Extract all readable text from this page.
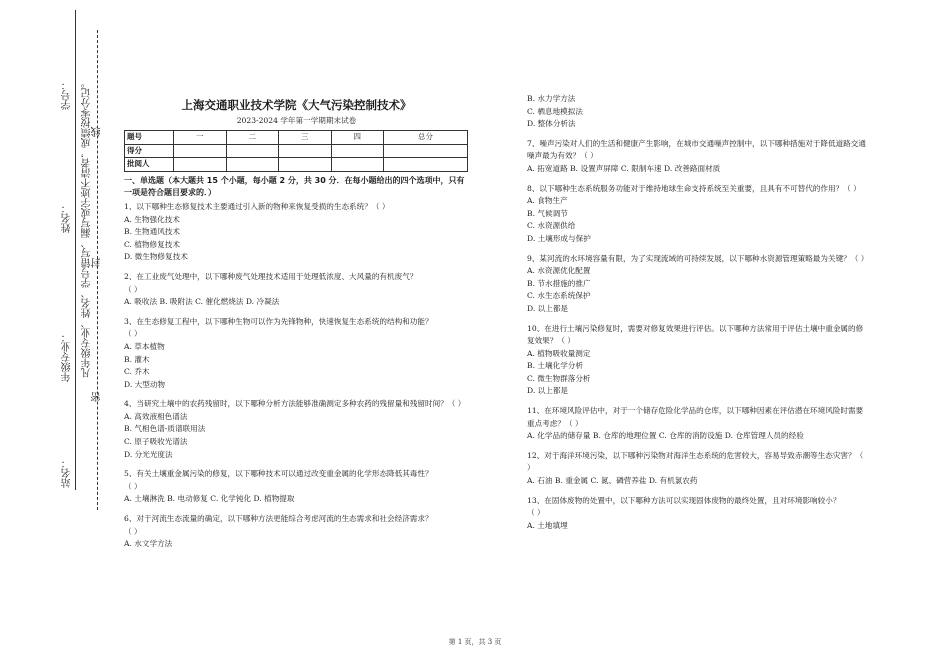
学号：
姓名：
年级专业：
站名：
凡年级专业、姓名、学号错写、漏写或字迹不清者，成绩按零分记。
密
封
线
上海交通职业技术学院《大气污染控制技术》
2023-2024 学年第一学期期末试卷
题号	一	二	三	四	总分
得分					
批阅人					
一、单选题（本大题共 15 个小题，每小题 2 分，共 30 分．在每小题给出的四个选项中，只有一项是符合题目要求的．）
1、以下哪种生态修复技术主要通过引入新的物种来恢复受损的生态系统？（ ）
A. 生物强化技术
B. 生物通风技术
C. 植物修复技术
D. 微生物修复技术
2、在工业废气处理中，以下哪种废气处理技术适用于处理低浓度、大风量的有机废气？
（ ）
A. 吸收法 B. 吸附法 C. 催化燃烧法 D. 冷凝法
3、在生态修复工程中，以下哪种生物可以作为先锋物种，快速恢复生态系统的结构和功能？
（ ）
A. 草本植物
B. 灌木
C. 乔木
D. 大型动物
4、当研究土壤中的农药残留时，以下哪种分析方法能够准确测定多种农药的残留量和残留时间？（ ）
A. 高效液相色谱法
B. 气相色谱-质谱联用法
C. 原子吸收光谱法
D. 分光光度法
5、有关土壤重金属污染的修复，以下哪种技术可以通过改变重金属的化学形态降低其毒性？
（ ）
A. 土壤淋洗 B. 电动修复 C. 化学钝化 D. 植物提取
6、对于河流生态流量的确定，以下哪种方法更能综合考虑河流的生态需求和社会经济需求？
（ ）
A. 水文学方法
B. 水力学方法
C. 栖息地模拟法
D. 整体分析法
7、噪声污染对人们的生活和健康产生影响，在城市交通噪声控制中，以下哪种措施对于降低道路交通噪声最为有效？（ ）
A. 拓宽道路 B. 设置声屏障 C. 限制车速 D. 改善路面材质
8、以下哪种生态系统服务功能对于维持地球生命支持系统至关重要，且具有不可替代的作用？（ ）
A. 食物生产
B. 气候调节
C. 水资源供给
D. 土壤形成与保护
9、某河流的水环境容量有限，为了实现流域的可持续发展，以下哪种水资源管理策略最为关键？（ ）
A. 水资源优化配置
B. 节水措施的推广
C. 水生态系统保护
D. 以上都是
10、在进行土壤污染修复时，需要对修复效果进行评估。以下哪种方法常用于评估土壤中重金属的修复效果？（ ）
A. 植物吸收量测定
B. 土壤化学分析
C. 微生物群落分析
D. 以上都是
11、在环境风险评估中，对于一个储存危险化学品的仓库，以下哪种因素在评估潜在环境风险时需要重点考虑？（ ）
A. 化学品的储存量 B. 仓库的地理位置 C. 仓库的消防设施 D. 仓库管理人员的经验
12、对于海洋环境污染，以下哪种污染物对海洋生态系统的危害较大，容易导致赤潮等生态灾害？（ ）
A. 石油 B. 重金属 C. 氮、磷营养盐 D. 有机氯农药
13、在固体废物的处置中，以下哪种方法可以实现固体废物的最终处置，且对环境影响较小？
（ ）
A. 土地填埋
第 1 页，共 3 页
